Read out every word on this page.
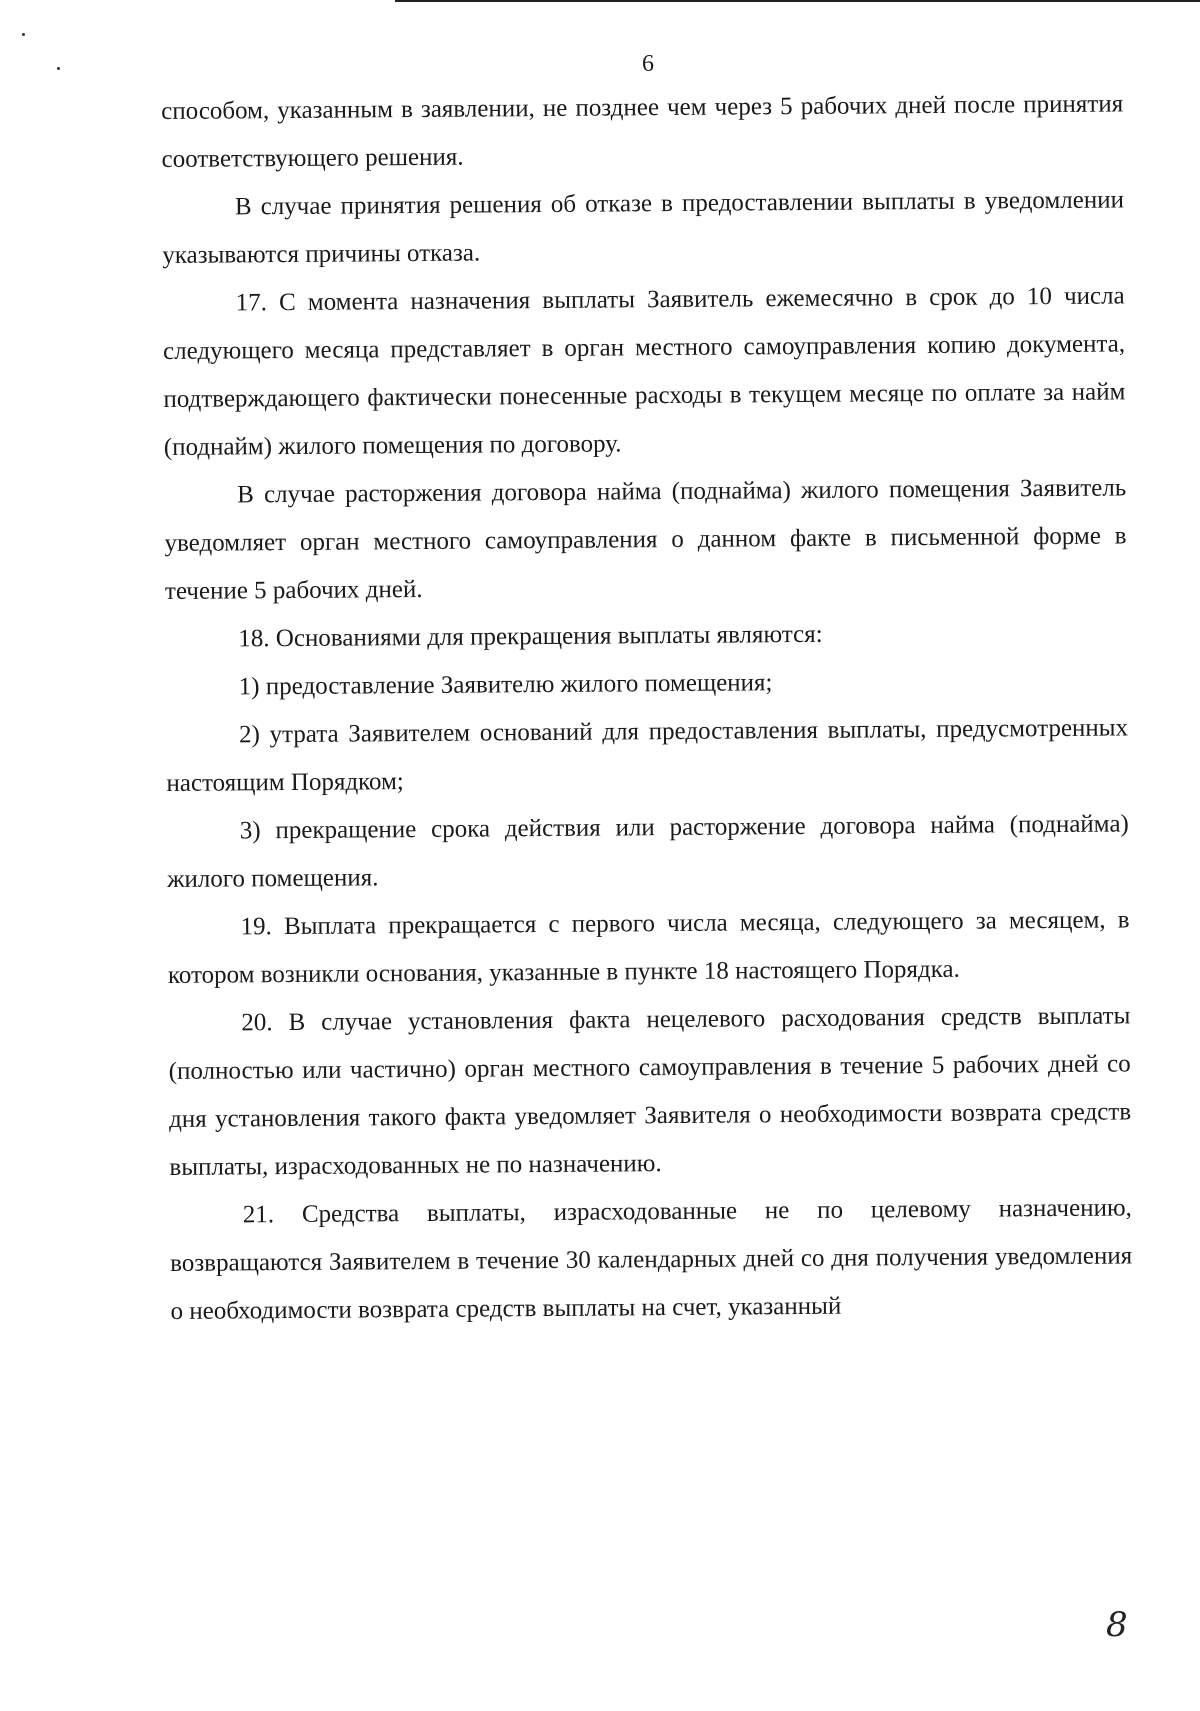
6

способом, указанным в заявлении, не позднее чем через 5 рабочих дней после принятия соответствующего решения.

В случае принятия решения об отказе в предоставлении выплаты в уведомлении указываются причины отказа.

17. С момента назначения выплаты Заявитель ежемесячно в срок до 10 числа следующего месяца представляет в орган местного самоуправления копию документа, подтверждающего фактически понесенные расходы в текущем месяце по оплате за найм (поднайм) жилого помещения по договору.

В случае расторжения договора найма (поднайма) жилого помещения Заявитель уведомляет орган местного самоуправления о данном факте в письменной форме в течение 5 рабочих дней.

18. Основаниями для прекращения выплаты являются:

1) предоставление Заявителю жилого помещения;

2) утрата Заявителем оснований для предоставления выплаты, предусмотренных настоящим Порядком;

3) прекращение срока действия или расторжение договора найма (поднайма) жилого помещения.

19. Выплата прекращается с первого числа месяца, следующего за месяцем, в котором возникли основания, указанные в пункте 18 настоящего Порядка.

20. В случае установления факта нецелевого расходования средств выплаты (полностью или частично) орган местного самоуправления в течение 5 рабочих дней со дня установления такого факта уведомляет Заявителя о необходимости возврата средств выплаты, израсходованных не по назначению.

21. Средства выплаты, израсходованные не по целевому назначению, возвращаются Заявителем в течение 30 календарных дней со дня получения уведомления о необходимости возврата средств выплаты на счет, указанный

8
